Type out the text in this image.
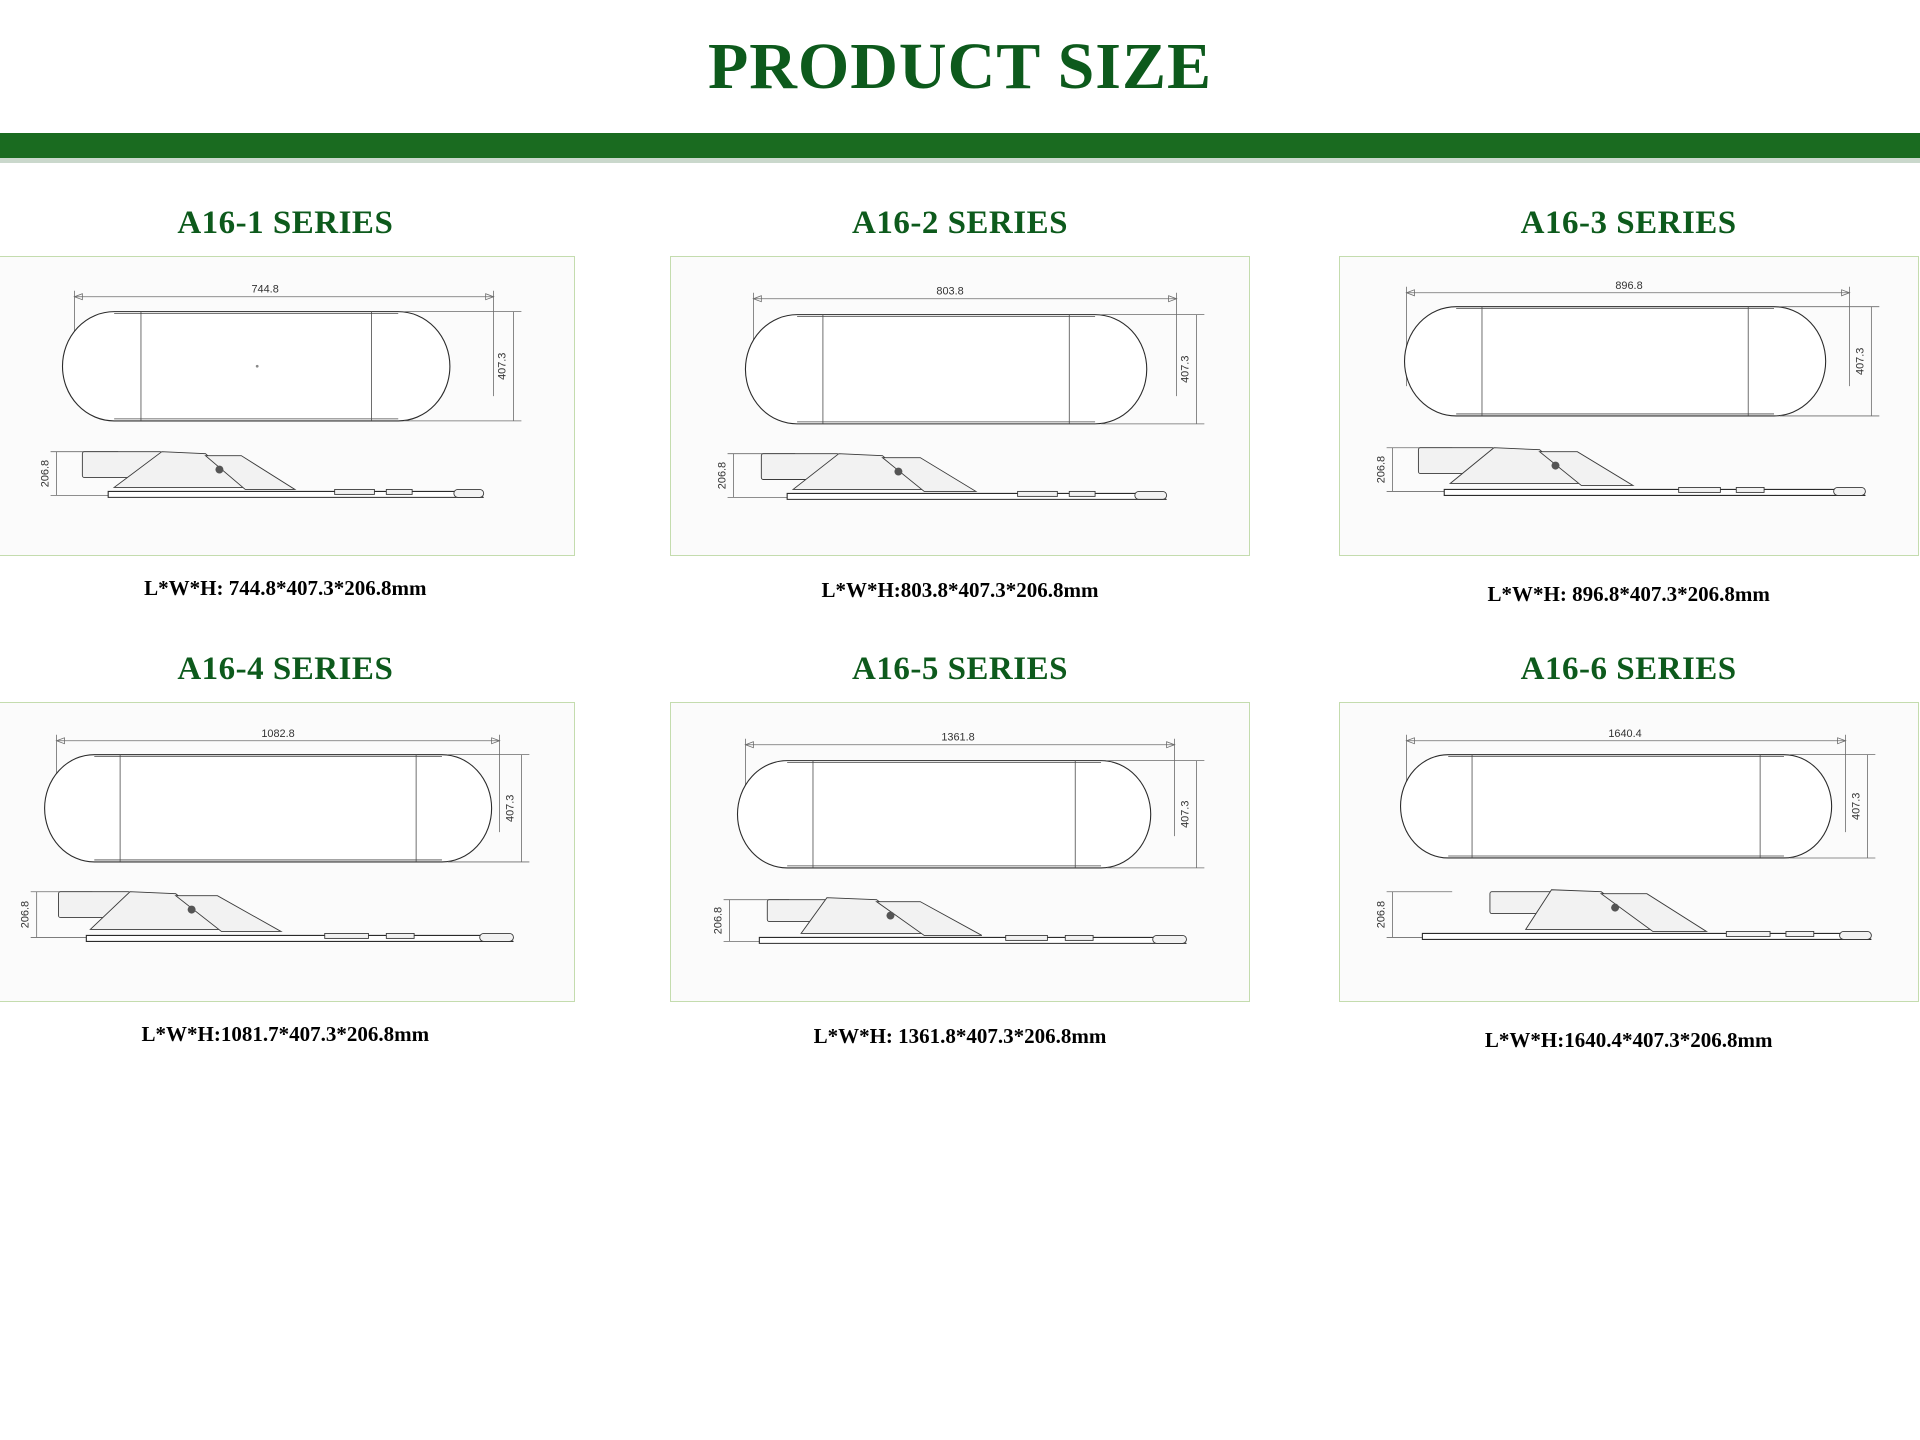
PRODUCT SIZE
A16-1 SERIES
744.8
407.3
206.8
L*W*H: 744.8*407.3*206.8mm
A16-2 SERIES
803.8
407.3
206.8
L*W*H:803.8*407.3*206.8mm
A16-3 SERIES
896.8
407.3
206.8
L*W*H: 896.8*407.3*206.8mm
A16-4 SERIES
1082.8
407.3
206.8
L*W*H:1081.7*407.3*206.8mm
A16-5 SERIES
1361.8
407.3
206.8
L*W*H: 1361.8*407.3*206.8mm
A16-6 SERIES
1640.4
407.3
206.8
L*W*H:1640.4*407.3*206.8mm
